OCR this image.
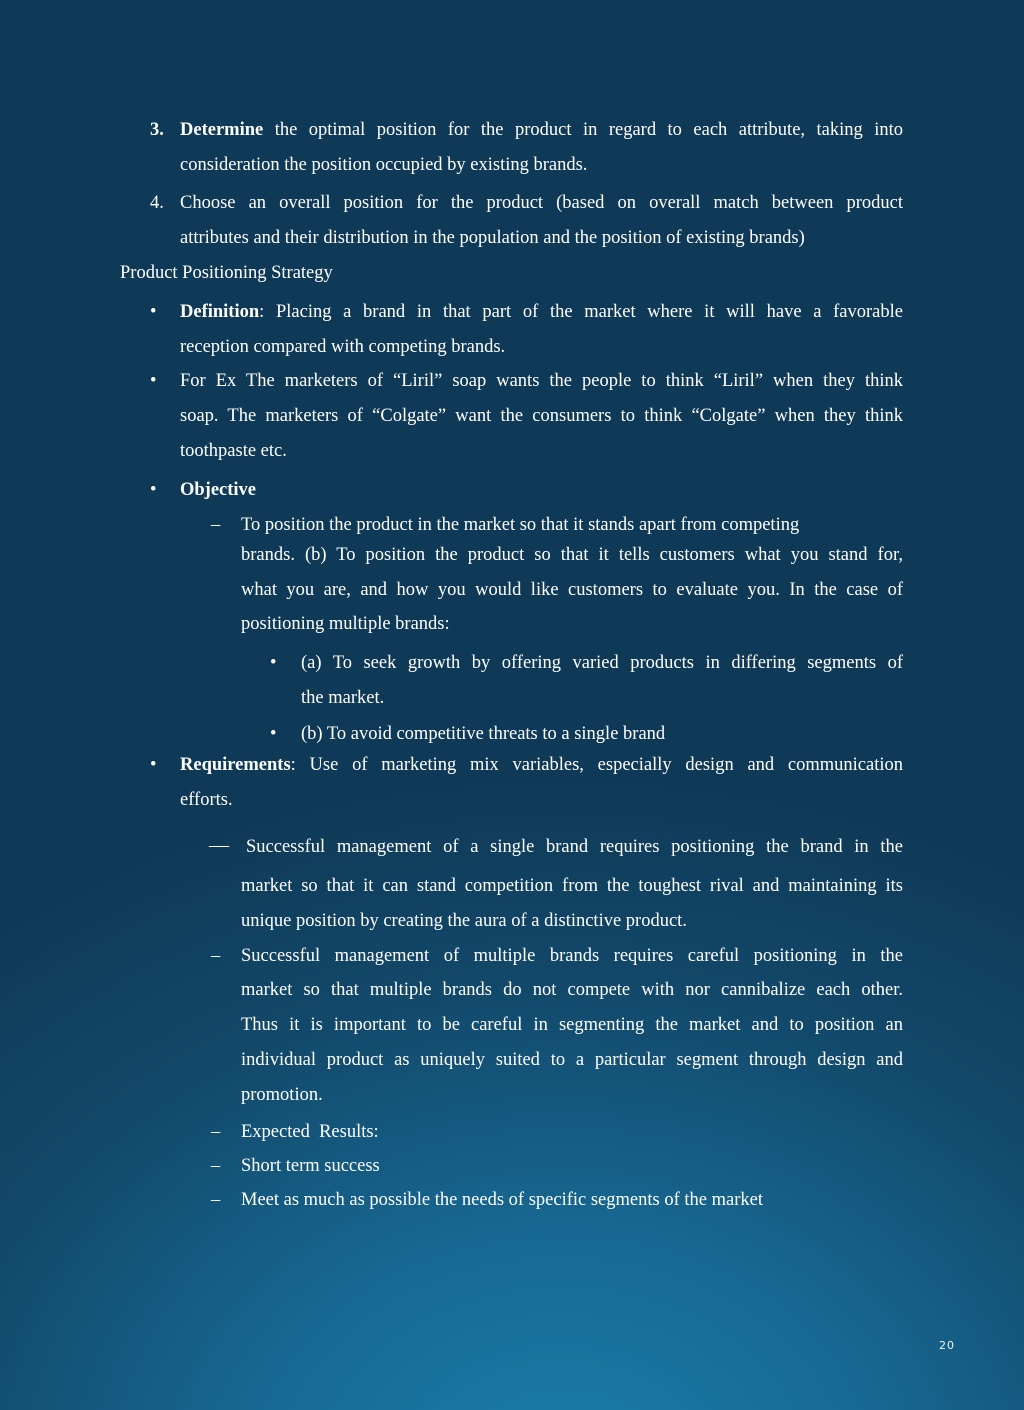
3. Determine the optimal position for the product in regard to each attribute, taking into
consideration the position occupied by existing brands.
4. Choose an overall position for the product (based on overall match between product
attributes and their distribution in the population and the position of existing brands)
Product Positioning Strategy
• Definition: Placing a brand in that part of the market where it will have a favorable
reception compared with competing brands.
• For Ex The marketers of “Liril” soap wants the people to think “Liril” when they think
soap. The marketers of “Colgate” want the consumers to think “Colgate” when they think
toothpaste etc.
• Objective
– To position the product in the market so that it stands apart from competing
brands. (b) To position the product so that it tells customers what you stand for,
what you are, and how you would like customers to evaluate you. In the case of
positioning multiple brands:
• (a) To seek growth by offering varied products in differing segments of
the market.
• (b) To avoid competitive threats to a single brand
• Requirements: Use of marketing mix variables, especially design and communication
efforts.
— Successful management of a single brand requires positioning the brand in the
market so that it can stand competition from the toughest rival and maintaining its
unique position by creating the aura of a distinctive product.
– Successful management of multiple brands requires careful positioning in the
market so that multiple brands do not compete with nor cannibalize each other.
Thus it is important to be careful in segmenting the market and to position an
individual product as uniquely suited to a particular segment through design and
promotion.
– Expected  Results:
– Short term success
– Meet as much as possible the needs of specific segments of the market
20
